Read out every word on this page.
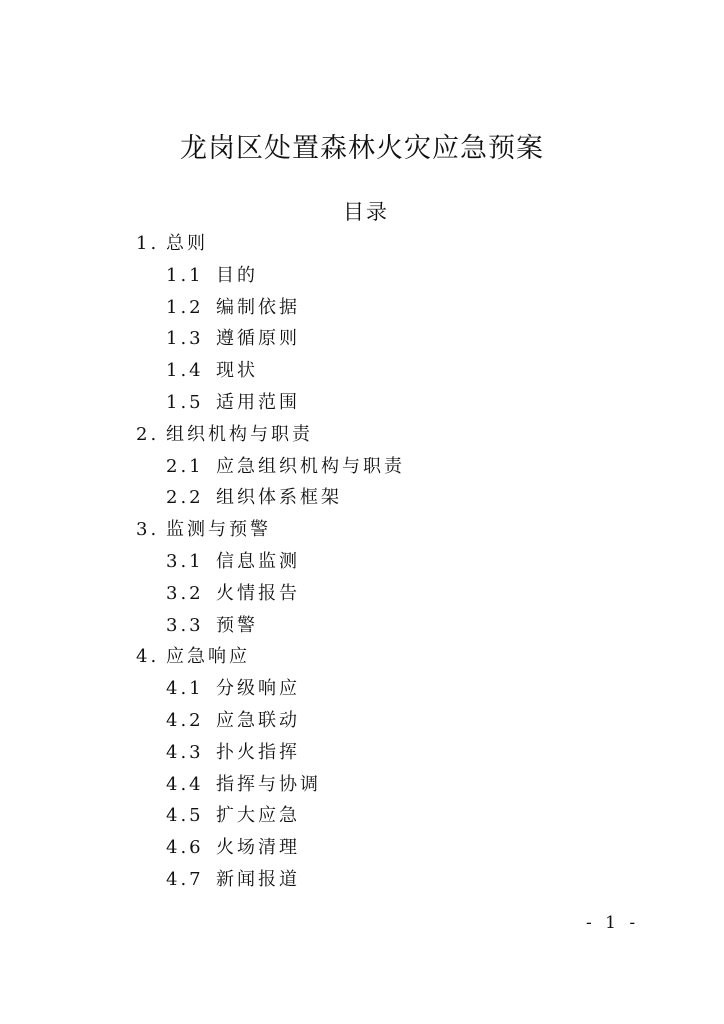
龙岗区处置森林火灾应急预案
目录
1. 总则
1.1 目的
1.2 编制依据
1.3 遵循原则
1.4 现状
1.5 适用范围
2. 组织机构与职责
2.1 应急组织机构与职责
2.2 组织体系框架
3. 监测与预警
3.1 信息监测
3.2 火情报告
3.3 预警
4. 应急响应
4.1 分级响应
4.2 应急联动
4.3 扑火指挥
4.4 指挥与协调
4.5 扩大应急
4.6 火场清理
4.7 新闻报道
- 1 -
